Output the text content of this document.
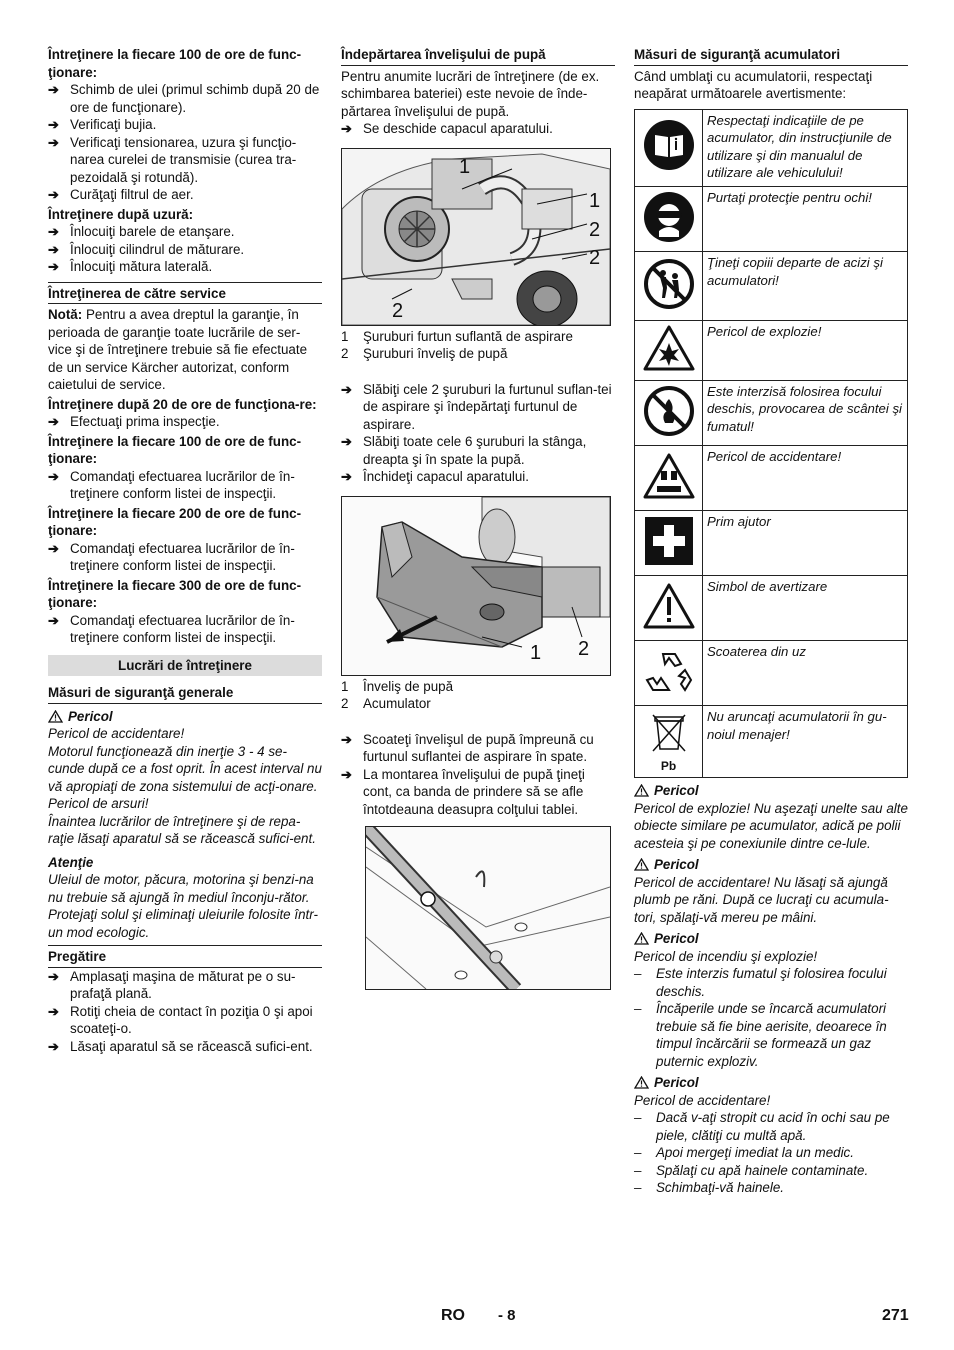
Întreţinere la fiecare 100 de ore de func-ţionare:
➔ Schimb de ulei (primul schimb după 20 de ore de funcţionare).
➔ Verificaţi bujia.
➔ Verificaţi tensionarea, uzura şi funcţio-narea curelei de transmisie (curea tra-pezoidală şi rotundă).
➔ Curăţaţi filtrul de aer.
Întreţinere după uzură:
➔ Înlocuiţi barele de etanşare.
➔ Înlocuiţi cilindrul de măturare.
➔ Înlocuiţi mătura laterală.
Întreţinerea de către service
Notă: Pentru a avea dreptul la garanţie, în perioada de garanţie toate lucrările de ser-vice şi de întreţinere trebuie să fie efectuate de un service Kärcher autorizat, conform caietului de service.
Întreţinere după 20 de ore de funcţiona-re:
➔ Efectuaţi prima inspecţie.
Întreţinere la fiecare 100 de ore de func-ţionare:
➔ Comandaţi efectuarea lucrărilor de în-treţinere conform listei de inspecţii.
Întreţinere la fiecare 200 de ore de func-ţionare:
➔ Comandaţi efectuarea lucrărilor de în-treţinere conform listei de inspecţii.
Întreţinere la fiecare 300 de ore de func-ţionare:
➔ Comandaţi efectuarea lucrărilor de în-treţinere conform listei de inspecţii.
Lucrări de întreţinere
Măsuri de siguranţă generale
Pericol
Pericol de accidentare!
Motorul funcţionează din inerţie 3 - 4 se-cunde după ce a fost oprit. În acest interval nu vă apropiaţi de zona sistemului de acţi-onare.
Pericol de arsuri!
Înaintea lucrărilor de întreţinere şi de repa-raţie lăsaţi aparatul să se răcească sufici-ent.
Atenţie
Uleiul de motor, păcura, motorina şi benzi-na nu trebuie să ajungă în mediul înconju-rător. Protejaţi solul şi eliminaţi uleiurile folosite într-un mod ecologic.
Pregătire
➔ Amplasaţi maşina de măturat pe o su-prafaţă plană.
➔ Rotiţi cheia de contact în poziţia 0 şi apoi scoateţi-o.
➔ Lăsaţi aparatul să se răcească sufici-ent.
Îndepărtarea învelişului de pupă
Pentru anumite lucrări de întreţinere (de ex. schimbarea bateriei) este nevoie de înde-părtarea învelişului de pupă.
➔ Se deschide capacul aparatului.
1
1
2
2
2
1	Şuruburi furtun suflantă de aspirare
2	Şuruburi înveliş de pupă
➔ Slăbiţi cele 2 şuruburi la furtunul suflan-tei de aspirare şi îndepărtaţi furtunul de aspirare.
➔ Slăbiţi toate cele 6 şuruburi la stânga, dreapta şi în spate la pupă.
➔ Închideţi capacul aparatului.
1 2
1	Înveliş de pupă
2	Acumulator
➔ Scoateţi învelişul de pupă împreună cu furtunul suflantei de aspirare în spate.
➔ La montarea învelişului de pupă ţineţi cont, ca banda de prindere să se afle întotdeauna deasupra colţului tablei.
Măsuri de siguranţă acumulatori
Când umblaţi cu acumulatorii, respectaţi neapărat următoarele avertismente:
	Respectaţi indicaţiile de pe acumulator, din instrucţiunile de utilizare şi din manualul de utilizare ale vehiculului!
	Purtaţi protecţie pentru ochi!
	Ţineţi copiii departe de acizi şi acumulatori!
	Pericol de explozie!
	Este interzisă folosirea focului deschis, provocarea de scântei şi fumatul!
	Pericol de accidentare!
	Prim ajutor
	Simbol de avertizare
	Scoaterea din uz

Pb	Nu aruncaţi acumulatorii în gu-noiul menajer!
Pericol
Pericol de explozie! Nu aşezaţi unelte sau alte obiecte similare pe acumulator, adică pe polii acesteia şi pe conexiunile dintre ce-lule.
Pericol
Pericol de accidentare! Nu lăsaţi să ajungă plumb pe răni. După ce lucraţi cu acumula-tori, spălaţi-vă mereu pe mâini.
Pericol
Pericol de incendiu şi explozie!
–	Este interzis fumatul şi folosirea focului deschis.
–	Încăperile unde se încarcă acumulatori trebuie să fie bine aerisite, deoarece în timpul încărcării se formează un gaz puternic exploziv.
Pericol
Pericol de accidentare!
–	Dacă v-aţi stropit cu acid în ochi sau pe piele, clătiţi cu multă apă.
–	Apoi mergeţi imediat la un medic.
–	Spălaţi cu apă hainele contaminate.
–	Schimbaţi-vă hainele.
RO - 8	271
